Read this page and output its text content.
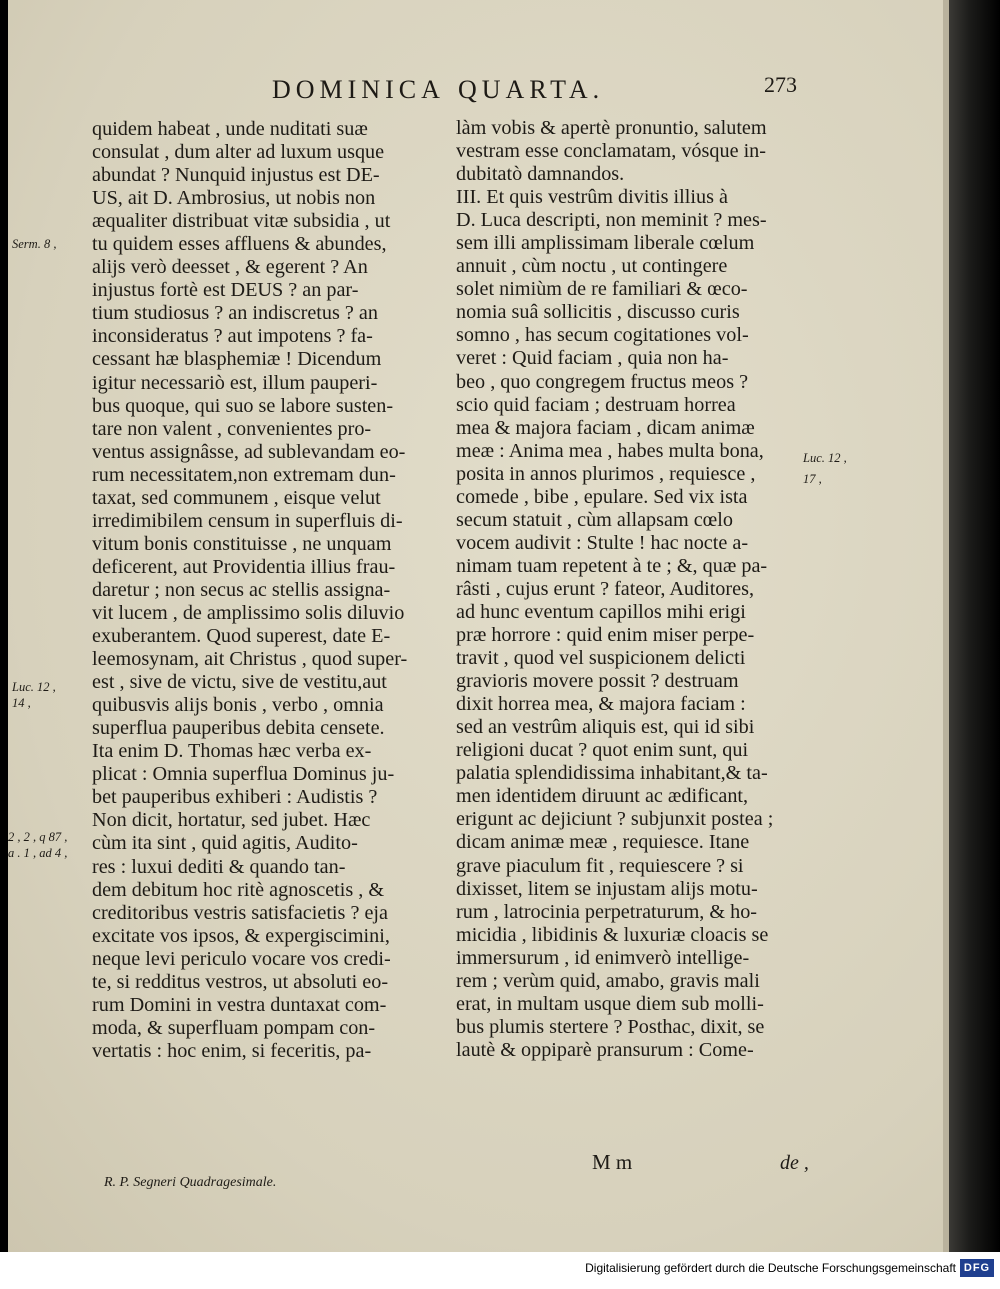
DOMINICA QUARTA.	273
quidem habeat , unde nuditati suæ
consulat , dum alter ad luxum usque
abundat ? Nunquid injustus est DE-
US, ait D. Ambrosius, ut nobis non
æqualiter distribuat vitæ subsidia , ut
tu quidem esses affluens & abundes,
alijs verò deesset , & egerent ? An
injustus fortè est DEUS ? an par-
tium studiosus ? an indiscretus ? an
inconsideratus ? aut impotens ? fa-
cessant hæ blasphemiæ ! Dicendum
igitur necessariò est, illum pauperi-
bus quoque, qui suo se labore susten-
tare non valent , convenientes pro-
ventus assignâsse, ad sublevandam eo-
rum necessitatem,non extremam dun-
taxat, sed communem , eisque velut
irredimibilem censum in superfluis di-
vitum bonis constituisse , ne unquam
deficerent, aut Providentia illius frau-
daretur ; non secus ac stellis assigna-
vit lucem , de amplissimo solis diluvio
exuberantem. Quod superest, date E-
leemosynam, ait Christus , quod super-
est , sive de victu, sive de vestitu,aut
quibusvis alijs bonis , verbo , omnia
superflua pauperibus debita censete.
Ita enim D. Thomas hæc verba ex-
plicat : Omnia superflua Dominus ju-
bet pauperibus exhiberi : Audistis ?
Non dicit, hortatur, sed jubet. Hæc
cùm ita sint , quid agitis, Audito-
res : luxui dediti & quando tan-
dem debitum hoc ritè agnoscetis , &
creditoribus vestris satisfacietis ? eja
excitate vos ipsos, & expergiscimini,
neque levi periculo vocare vos credi-
te, si redditus vestros, ut absoluti eo-
rum Domini in vestra duntaxat com-
moda, & superfluam pompam con-
vertatis : hoc enim, si feceritis, pa-
làm vobis & apertè pronuntio, salutem
vestram esse conclamatam, vósque in-
dubitatò damnandos.
III. Et quis vestrûm divitis illius à
D. Luca descripti, non meminit ? mes-
sem illi amplissimam liberale cœlum
annuit , cùm noctu , ut contingere
solet nimiùm de re familiari & œco-
nomia suâ sollicitis , discusso curis
somno , has secum cogitationes vol-
veret : Quid faciam , quia non ha-
beo , quo congregem fructus meos ?
scio quid faciam ; destruam horrea
mea & majora faciam , dicam animæ
meæ : Anima mea , habes multa bona,
posita in annos plurimos , requiesce ,
comede , bibe , epulare. Sed vix ista
secum statuit , cùm allapsam cœlo
vocem audivit : Stulte ! hac nocte a-
nimam tuam repetent à te ; &, quæ pa-
râsti , cujus erunt ? fateor, Auditores,
ad hunc eventum capillos mihi erigi
præ horrore : quid enim miser perpe-
travit , quod vel suspicionem delicti
gravioris movere possit ? destruam
dixit horrea mea, & majora faciam :
sed an vestrûm aliquis est, qui id sibi
religioni ducat ? quot enim sunt, qui
palatia splendidissima inhabitant,& ta-
men identidem diruunt ac ædificant,
erigunt ac dejiciunt ? subjunxit postea ;
dicam animæ meæ , requiesce. Itane
grave piaculum fit , requiescere ? si
dixisset, litem se injustam alijs motu-
rum , latrocinia perpetraturum, & ho-
micidia , libidinis & luxuriæ cloacis se
immersurum , id enimverò intellige-
rem ; verùm quid, amabo, gravis mali
erat, in multam usque diem sub molli-
bus plumis stertere ? Posthac, dixit, se
lautè & oppiparè pransurum : Come-
Serm. 8 ,
Luc. 12 ,
14 ,
2 , 2 , q 87 ,
a . 1 , ad 4 ,
Luc. 12 ,
17 ,
R. P. Segneri Quadragesimale.
M m	de ,
Digitalisierung gefördert durch die Deutsche Forschungsgemeinschaft DFG
